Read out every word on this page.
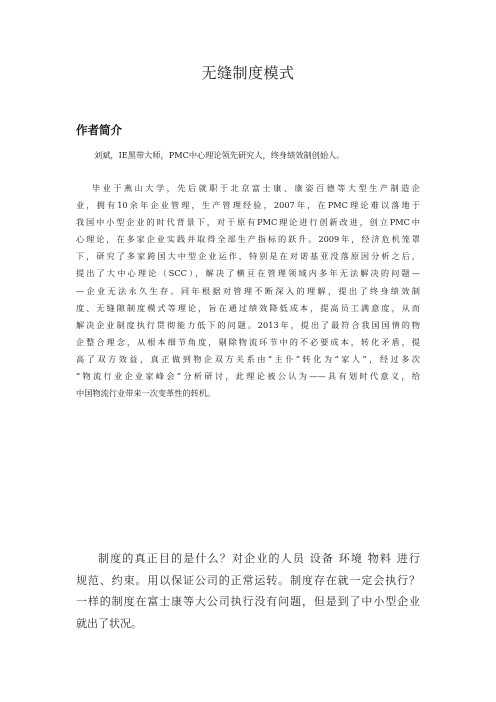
无缝制度模式
作者简介
刘斌，IE黑带大师，PMC中心理论领先研究人，终身绩效制创始人。
毕业于燕山大学，先后就职于北京富士康、康姿百德等大型生产制造企
业，拥有10余年企业管理，生产管理经验，2007年，在PMC理论难以落地于
我国中小型企业的时代背景下，对于原有PMC理论进行创新改进，创立PMC中
心理论，在多家企业实践并取得全部生产指标的跃升。2009年，经济危机笼罩
下，研究了多家跨国大中型企业运作，特别是在对诺基亚没落原因分析之后，
提出了大中心理论（SCC），解决了横亘在管理领域内多年无法解决的问题—
—企业无法永久生存。同年根据对管理不断深入的理解，提出了终身绩效制
度、无缝隙制度模式等理论，旨在通过绩效降低成本，提高员工满意度，从而
解决企业制度执行贯彻能力低下的问题。2013年，提出了最符合我国国情的物
企整合理念，从根本细节角度，剔除物流环节中的不必要成本，转化矛盾，提
高了双方效益，真正做到物企双方关系由“主仆”转化为“家人”，经过多次
“物流行业企业家峰会”分析研讨，此理论被公认为——具有划时代意义，给
中国物流行业带来一次变革性的转机。
制度的真正目的是什么？对企业的人员 设备 环境 物料 进行
规范、约束。用以保证公司的正常运转。制度存在就一定会执行？
一样的制度在富士康等大公司执行没有问题，但是到了中小型企业
就出了状况。
